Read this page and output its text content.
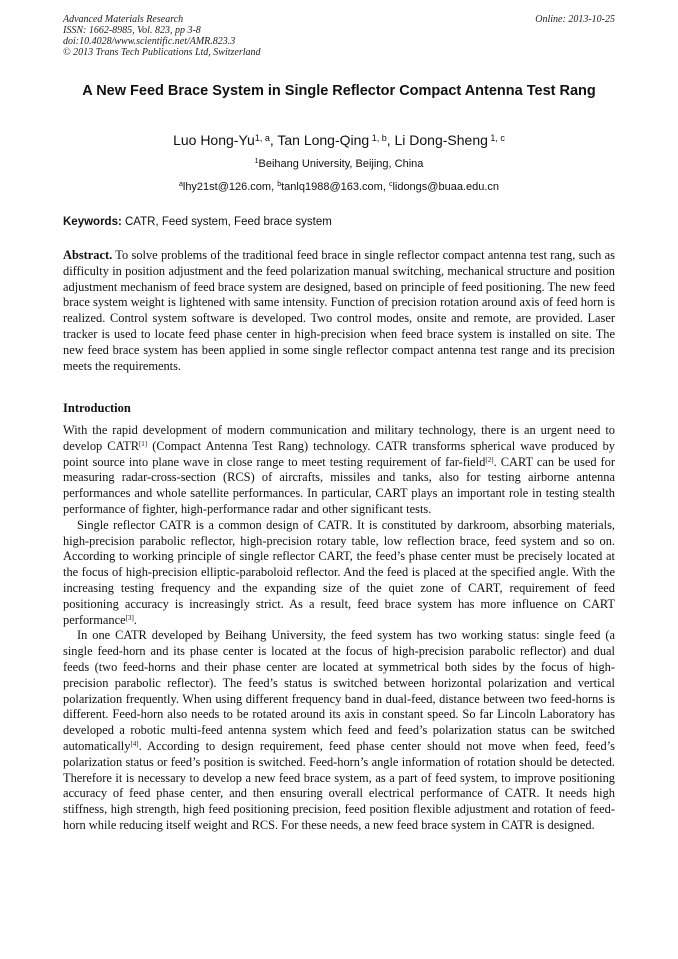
Advanced Materials Research
ISSN: 1662-8985, Vol. 823, pp 3-8
doi:10.4028/www.scientific.net/AMR.823.3
© 2013 Trans Tech Publications Ltd, Switzerland
Online: 2013-10-25
A New Feed Brace System in Single Reflector Compact Antenna Test Rang
Luo Hong-Yu$^{1, a}$, Tan Long-Qing $^{1, b}$, Li Dong-Sheng $^{1, c}$
$^1$Beihang University, Beijing, China
$^a$lhy21st@126.com, $^b$tanlq1988@163.com, $^c$lidongs@buaa.edu.cn
Keywords: CATR, Feed system, Feed brace system
Abstract. To solve problems of the traditional feed brace in single reflector compact antenna test rang, such as difficulty in position adjustment and the feed polarization manual switching, mechanical structure and position adjustment mechanism of feed brace system are designed, based on principle of feed positioning. The new feed brace system weight is lightened with same intensity. Function of precision rotation around axis of feed horn is realized. Control system software is developed. Two control modes, onsite and remote, are provided. Laser tracker is used to locate feed phase center in high-precision when feed brace system is installed on site. The new feed brace system has been applied in some single reflector compact antenna test range and its precision meets the requirements.
Introduction

With the rapid development of modern communication and military technology, there is an urgent need to develop CATR[1] (Compact Antenna Test Rang) technology. CATR transforms spherical wave produced by point source into plane wave in close range to meet testing requirement of far-field[2]. CART can be used for measuring radar-cross-section (RCS) of aircrafts, missiles and tanks, also for testing airborne antenna performances and whole satellite performances. In particular, CART plays an important role in testing stealth performance of fighter, high-performance radar and other significant tests.

Single reflector CATR is a common design of CATR. It is constituted by darkroom, absorbing materials, high-precision parabolic reflector, high-precision rotary table, low reflection brace, feed system and so on. According to working principle of single reflector CART, the feed’s phase center must be precisely located at the focus of high-precision elliptic-paraboloid reflector. And the feed is placed at the specified angle. With the increasing testing frequency and the expanding size of the quiet zone of CART, requirement of feed positioning accuracy is increasingly strict. As a result, feed brace system has more influence on CART performance[3].

In one CATR developed by Beihang University, the feed system has two working status: single feed (a single feed-horn and its phase center is located at the focus of high-precision parabolic reflector) and dual feeds (two feed-horns and their phase center are located at symmetrical both sides by the focus of high-precision parabolic reflector). The feed’s status is switched between horizontal polarization and vertical polarization frequently. When using different frequency band in dual-feed, distance between two feed-horns is different. Feed-horn also needs to be rotated around its axis in constant speed. So far Lincoln Laboratory has developed a robotic multi-feed antenna system which feed and feed’s polarization status can be switched automatically[4]. According to design requirement, feed phase center should not move when feed, feed’s polarization status or feed’s position is switched. Feed-horn’s angle information of rotation should be detected. Therefore it is necessary to develop a new feed brace system, as a part of feed system, to improve positioning accuracy of feed phase center, and then ensuring overall electrical performance of CATR. It needs high stiffness, high strength, high feed positioning precision, feed position flexible adjustment and rotation of feed-horn while reducing itself weight and RCS. For these needs, a new feed brace system in CATR is designed.
